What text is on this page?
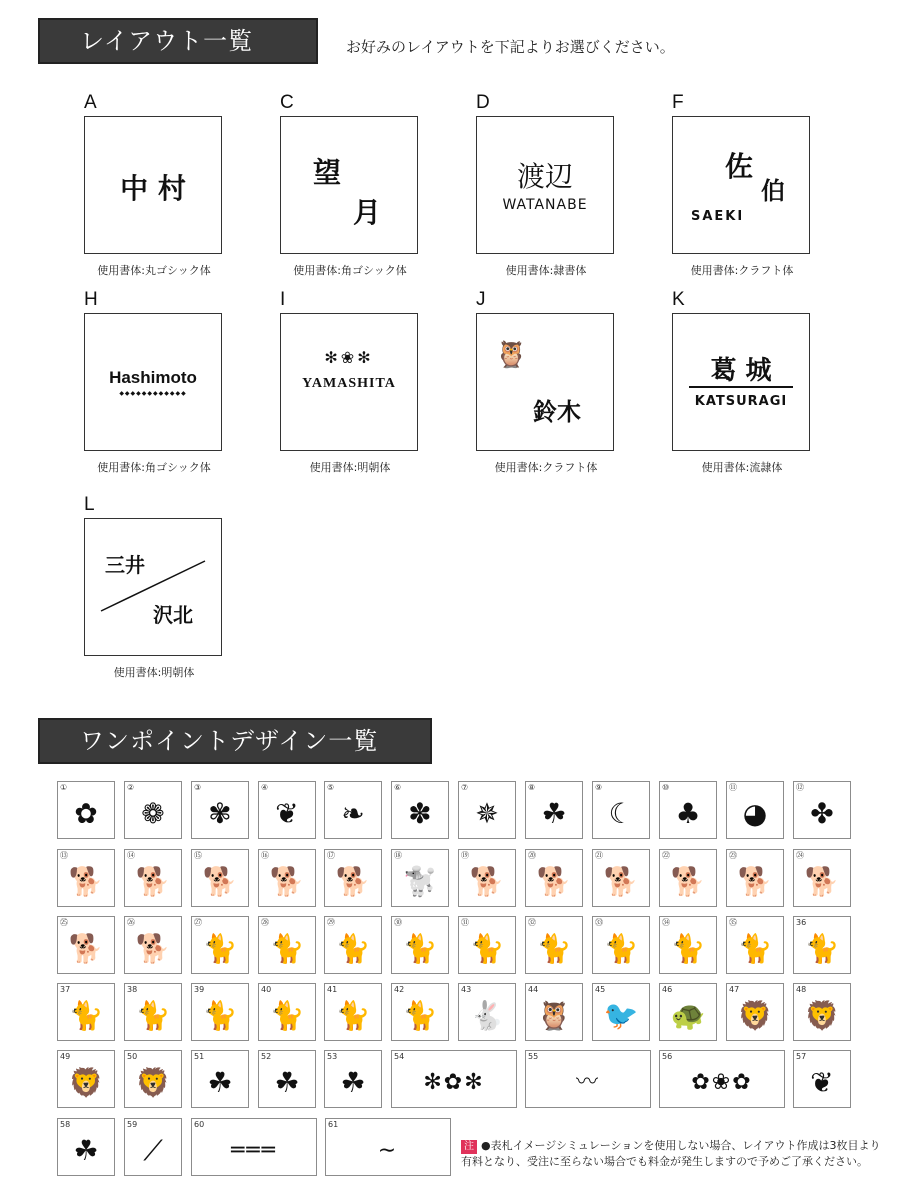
レイアウト一覧	お好みのレイアウトを下記よりお選びください。
A
中 村
使用書体:丸ゴシック体
C
望
月
使用書体:角ゴシック体
D
渡辺
WATANABE
使用書体:隷書体
F
佐
伯
SAEKI
使用書体:クラフト体
H
Hashimoto
◆◆◆◆◆◆◆◆◆◆◆◆
使用書体:角ゴシック体
I
✻❀✻
YAMASHITA
使用書体:明朝体
J
🦉
鈴木
使用書体:クラフト体
K
葛 城
KATSURAGI
使用書体:流隷体
L
三井
沢北
使用書体:明朝体
ワンポイントデザイン一覧
①
✿
②
❁
③
✾
④
❦
⑤
❧
⑥
✽
⑦
✵
⑧
☘
⑨
☾
⑩
♣
⑪
◕
⑫
✤
⑬
🐕
⑭
🐕
⑮
🐕
⑯
🐕
⑰
🐕
⑱
🐩
⑲
🐕
⑳
🐕
㉑
🐕
㉒
🐕
㉓
🐕
㉔
🐕
㉕
🐕
㉖
🐕
㉗
🐈
㉘
🐈
㉙
🐈
㉚
🐈
㉛
🐈
㉜
🐈
㉝
🐈
㉞
🐈
㉟
🐈
36
🐈
37
🐈
38
🐈
39
🐈
40
🐈
41
🐈
42
🐈
43
🐇
44
🦉
45
🐦
46
🐢
47
🦁
48
🦁
49
🦁
50
🦁
51
☘
52
☘
53
☘
54
✻✿✻
55
〰
56
✿❀✿
57
❦
58
☘
59
⟋
60
═══
61
∼	注 ●表札イメージシミュレーションを使用しない場合、レイアウト作成は3枚目より有料となり、受注に至らない場合でも料金が発生しますので予めご了承ください。
